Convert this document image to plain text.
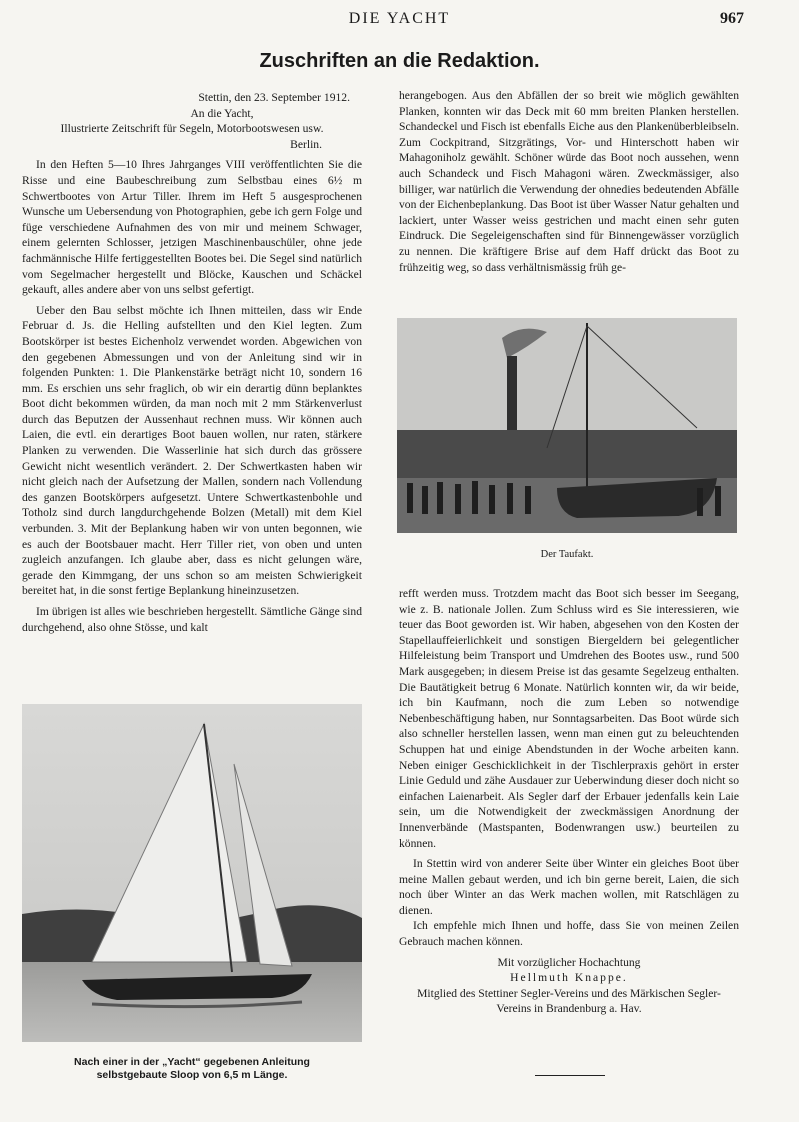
DIE YACHT	967
Zuschriften an die Redaktion.

Stettin, den 23. September 1912.

An die Yacht,

Illustrierte Zeitschrift für Segeln, Motorbootswesen usw.

Berlin.

In den Heften 5—10 Ihres Jahrganges VIII veröffentlichten Sie die Risse und eine Baubeschreibung zum Selbstbau eines 6½ m Schwertbootes von Artur Tiller. Ihrem im Heft 5 ausgesprochenen Wunsche um Uebersendung von Photographien, gebe ich gern Folge und füge verschiedene Aufnahmen des von mir und meinem Schwager, einem gelernten Schlosser, jetzigen Maschinenbauschüler, ohne jede fachmännische Hilfe fertiggestellten Bootes bei. Die Segel sind natürlich vom Segelmacher hergestellt und Blöcke, Kauschen und Schäckel gekauft, alles andere aber von uns selbst gefertigt.

Ueber den Bau selbst möchte ich Ihnen mitteilen, dass wir Ende Februar d. Js. die Helling aufstellten und den Kiel legten. Zum Bootskörper ist bestes Eichenholz verwendet worden. Abgewichen von den gegebenen Abmessungen und von der Anleitung sind wir in folgenden Punkten: 1. Die Plankenstärke beträgt nicht 10, sondern 16 mm. Es erschien uns sehr fraglich, ob wir ein derartig dünn beplanktes Boot dicht bekommen würden, da man noch mit 2 mm Stärkenverlust durch das Beputzen der Aussenhaut rechnen muss. Wir können auch Laien, die evtl. ein derartiges Boot bauen wollen, nur raten, stärkere Planken zu verwenden. Die Wasserlinie hat sich durch das grössere Gewicht nicht wesentlich verändert. 2. Der Schwertkasten haben wir nicht gleich nach der Aufsetzung der Mallen, sondern nach Vollendung des ganzen Bootskörpers aufgesetzt. Untere Schwertkastenbohle und Totholz sind durch langdurchgehende Bolzen (Metall) mit dem Kiel verbunden. 3. Mit der Beplankung haben wir von unten begonnen, wie es auch der Bootsbauer macht. Herr Tiller riet, von oben und unten zugleich anzufangen. Ich glaube aber, dass es nicht gelungen wäre, gerade den Kimmgang, der uns schon so am meisten Schwierigkeit bereitet hat, in die sonst fertige Beplankung hineinzusetzen.

Im übrigen ist alles wie beschrieben hergestellt. Sämtliche Gänge sind durchgehend, also ohne Stösse, und kalt

Nach einer in der „Yacht“ gegebenen Anleitung
selbstgebaute Sloop von 6,5 m Länge.

herangebogen. Aus den Abfällen der so breit wie möglich gewählten Planken, konnten wir das Deck mit 60 mm breiten Planken herstellen. Schandeckel und Fisch ist ebenfalls Eiche aus den Plankenüberbleibseln. Zum Cockpitrand, Sitzgrätings, Vor- und Hinterschott haben wir Mahagoniholz gewählt. Schöner würde das Boot noch aussehen, wenn auch Schandeck und Fisch Mahagoni wären. Zweckmässiger, also billiger, war natürlich die Verwendung der ohnedies bedeutenden Abfälle von der Eichenbeplankung. Das Boot ist über Wasser Natur gehalten und lackiert, unter Wasser weiss gestrichen und macht einen sehr guten Eindruck. Die Segeleigenschaften sind für Binnengewässer vorzüglich zu nennen. Die kräftigere Brise auf dem Haff drückt das Boot zu frühzeitig weg, so dass verhältnismässig früh ge-

Der Taufakt.

refft werden muss. Trotzdem macht das Boot sich besser im Seegang, wie z. B. nationale Jollen. Zum Schluss wird es Sie interessieren, wie teuer das Boot geworden ist. Wir haben, abgesehen von den Kosten der Stapellauffeierlichkeit und sonstigen Biergeldern bei gelegentlicher Hilfeleistung beim Transport und Umdrehen des Bootes usw., rund 500 Mark ausgegeben; in diesem Preise ist das gesamte Segelzeug enthalten. Die Bautätigkeit betrug 6 Monate. Natürlich konnten wir, da wir beide, ich bin Kaufmann, noch die zum Leben so notwendige Nebenbeschäftigung haben, nur Sonntagsarbeiten. Das Boot würde sich also schneller herstellen lassen, wenn man einen gut zu beleuchtenden Schuppen hat und einige Abendstunden in der Woche arbeiten kann. Neben einiger Geschicklichkeit in der Tischlerpraxis gehört in erster Linie Geduld und zähe Ausdauer zur Ueberwindung dieser doch nicht so einfachen Laienarbeit. Als Segler darf der Erbauer jedenfalls kein Laie sein, um die Notwendigkeit der zweckmässigen Anordnung der Innenverbände (Mastspanten, Bodenwrangen usw.) beurteilen zu können.

In Stettin wird von anderer Seite über Winter ein gleiches Boot über meine Mallen gebaut werden, und ich bin gerne bereit, Laien, die sich noch über Winter an das Werk machen wollen, mit Ratschlägen zu dienen.

Ich empfehle mich Ihnen und hoffe, dass Sie von meinen Zeilen Gebrauch machen können.

Mit vorzüglicher Hochachtung

Hellmuth Knappe.

Mitglied des Stettiner Segler-Vereins und des Märkischen Segler-Vereins in Brandenburg a. Hav.
